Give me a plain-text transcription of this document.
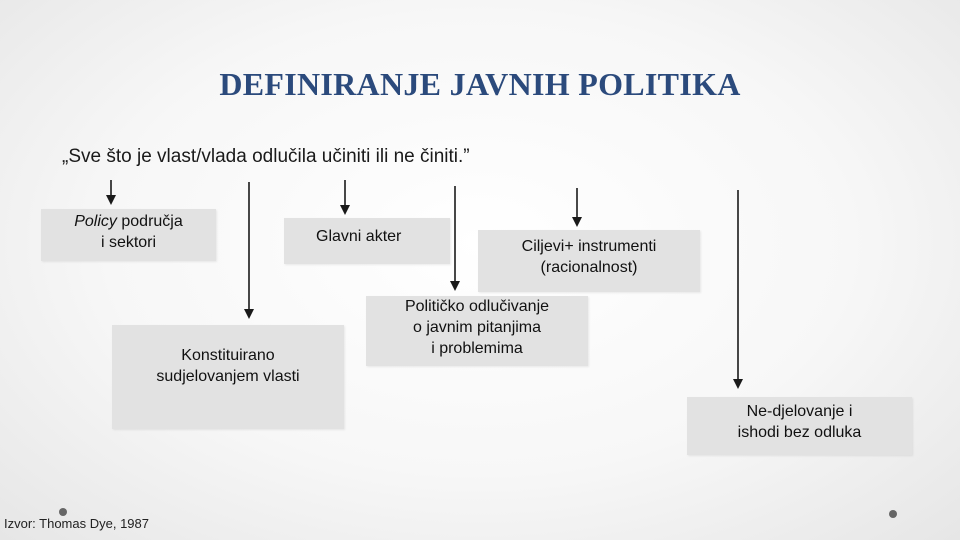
DEFINIRANJE JAVNIH POLITIKA
„Sve što je vlast/vlada odlučila učiniti ili ne činiti.”
Policy područja
i sektori	Glavni akter
Ciljevi+ instrumenti
(racionalnost)
Konstituirano
sudjelovanjem vlasti
Političko odlučivanje
o javnim pitanjima
i problemima
Ne-djelovanje i
ishodi bez odluka
Izvor: Thomas Dye, 1987
